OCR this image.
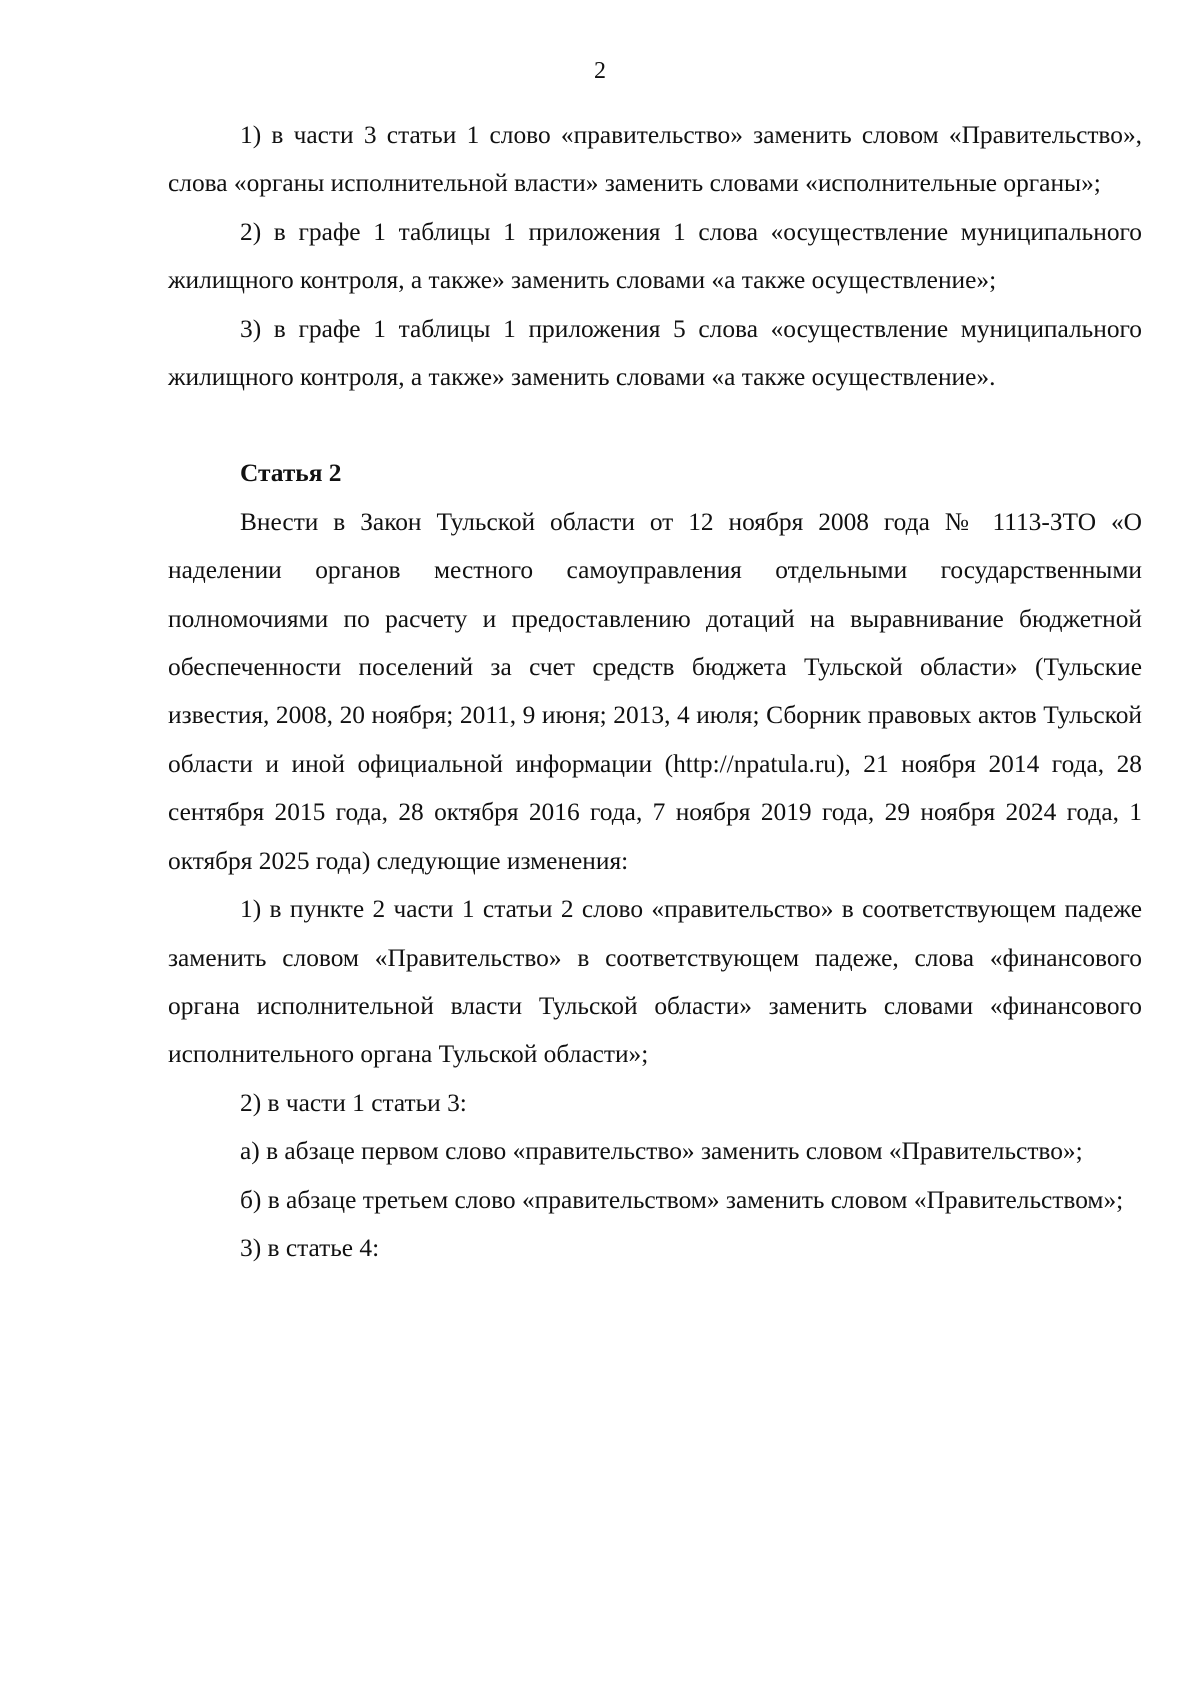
2

1) в части 3 статьи 1 слово «правительство» заменить словом «Правительство», слова «органы исполнительной власти» заменить словами «исполнительные органы»;

2) в графе 1 таблицы 1 приложения 1 слова «осуществление муниципального жилищного контроля, а также» заменить словами «а также осуществление»;

3) в графе 1 таблицы 1 приложения 5 слова «осуществление муниципального жилищного контроля, а также» заменить словами «а также осуществление».

Статья 2

Внести в Закон Тульской области от 12 ноября 2008 года № 1113-ЗТО «О наделении органов местного самоуправления отдельными государственными полномочиями по расчету и предоставлению дотаций на выравнивание бюджетной обеспеченности поселений за счет средств бюджета Тульской области» (Тульские известия, 2008, 20 ноября; 2011, 9 июня; 2013, 4 июля; Сборник правовых актов Тульской области и иной официальной информации (http://npatula.ru), 21 ноября 2014 года, 28 сентября 2015 года, 28 октября 2016 года, 7 ноября 2019 года, 29 ноября 2024 года, 1 октября 2025 года) следующие изменения:

1) в пункте 2 части 1 статьи 2 слово «правительство» в соответствующем падеже заменить словом «Правительство» в соответствующем падеже, слова «финансового органа исполнительной власти Тульской области» заменить словами «финансового исполнительного органа Тульской области»;

2) в части 1 статьи 3:

а) в абзаце первом слово «правительство» заменить словом «Правительство»;

б) в абзаце третьем слово «правительством» заменить словом «Правительством»;

3) в статье 4:
